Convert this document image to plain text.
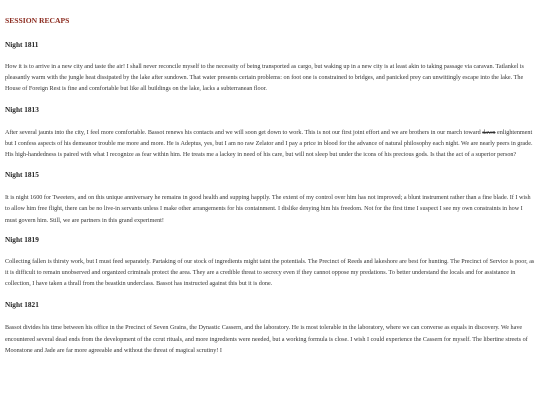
SESSION RECAPS
Night 1811
How it is to arrive in a new city and taste the air! I shall never reconcile myself to the necessity of being transported as cargo, but waking up in a new city is at least akin to taking passage via caravan. Tatlankel is pleasantly warm with the jungle heat dissipated by the lake after sundown. That water presents certain problems: on foot one is constrained to bridges, and panicked prey can unwittingly escape into the lake. The House of Foreign Rest is fine and comfortable but like all buildings on the lake, lacks a subterranean floor.
Night 1813
After several jaunts into the city, I feel more comfortable. Bassot renews his contacts and we will soon get down to work. This is not our first joint effort and we are brothers in our march toward dawn enlightenment but I confess aspects of his demeanor trouble me more and more. He is Adeptus, yes, but I am no raw Zelator and I pay a price in blood for the advance of natural philosophy each night. We are nearly peers in grade. His high-handedness is paired with what I recognize as fear within him. He treats me a lackey in need of his care, but will not sleep but under the icons of his precious gods. Is that the act of a superior person?
Night 1815
It is night 1600 for Tweeters, and on this unique anniversary he remains in good health and supping happily. The extent of my control over him has not improved; a blunt instrument rather than a fine blade. If I wish to allow him free flight, there can be no live-in servants unless I make other arrangements for his containment. I dislike denying him his freedom. Not for the first time I suspect I see my own constraints in how I must govern him. Still, we are partners in this grand experiment!
Night 1819
Collecting fallen is thirsty work, but I must feed separately. Partaking of our stock of ingredients might taint the potentials. The Precinct of Reeds and lakeshore are best for hunting. The Precinct of Service is poor, as it is difficult to remain unobserved and organized criminals protect the area. They are a credible threat to secrecy even if they cannot oppose my predations. To better understand the locals and for assistance in collection, I have taken a thrall from the beastkin underclass. Bassot has instructed against this but it is done.
Night 1821
Bassot divides his time between his office in the Precinct of Seven Grains, the Dynastic Cassern, and the laboratory. He is most tolerable in the laboratory, where we can converse as equals in discovery. We have encountered several dead ends from the development of the ccrut rituals, and more ingredients were needed, but a working formula is close. I wish I could experience the Cassern for myself. The libertine streets of Moonstone and Jade are far more agreeable and without the threat of magical scrutiny! I
